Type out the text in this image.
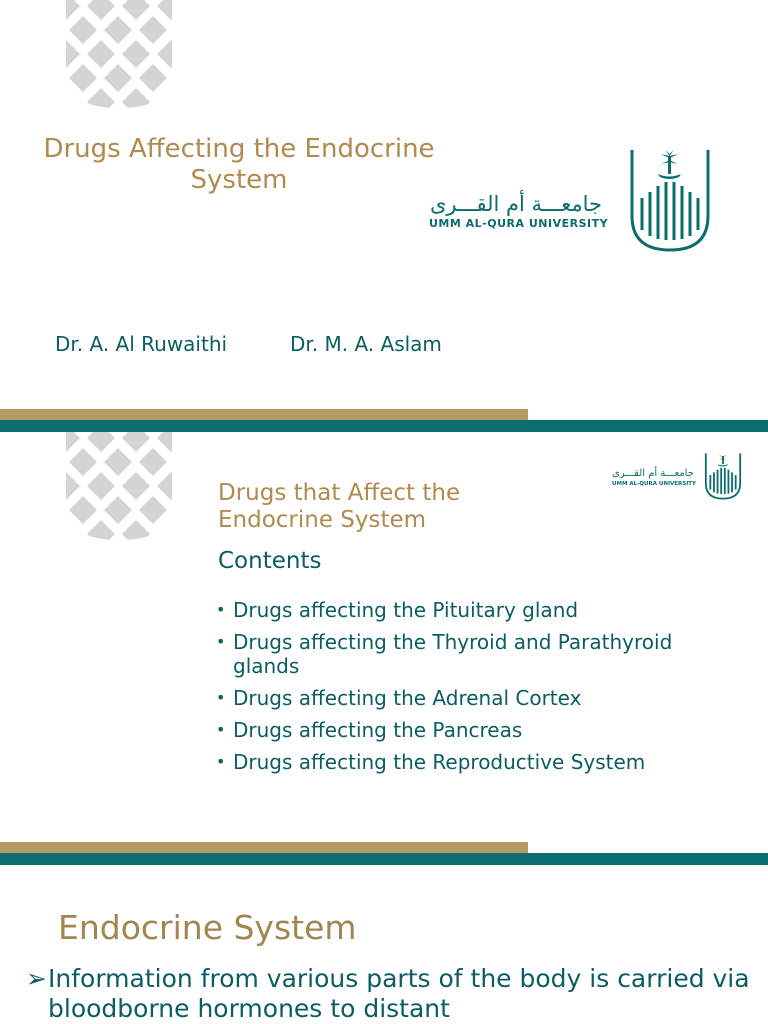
Drugs Affecting the Endocrine System
جامعـــة أم القـــرى
UMM AL-QURA UNIVERSITY
Dr. A. Al Ruwaithi	Dr. M. A. Aslam
جامعـــة أم القـــرى
UMM AL-QURA UNIVERSITY
Drugs that Affect the Endocrine System
Contents
• Drugs affecting the Pituitary gland
• Drugs affecting the Thyroid and Parathyroid glands
• Drugs affecting the Adrenal Cortex
• Drugs affecting the Pancreas
• Drugs affecting the Reproductive System
Endocrine System
➢ Information from various parts of the body is carried via bloodborne hormones to distant
